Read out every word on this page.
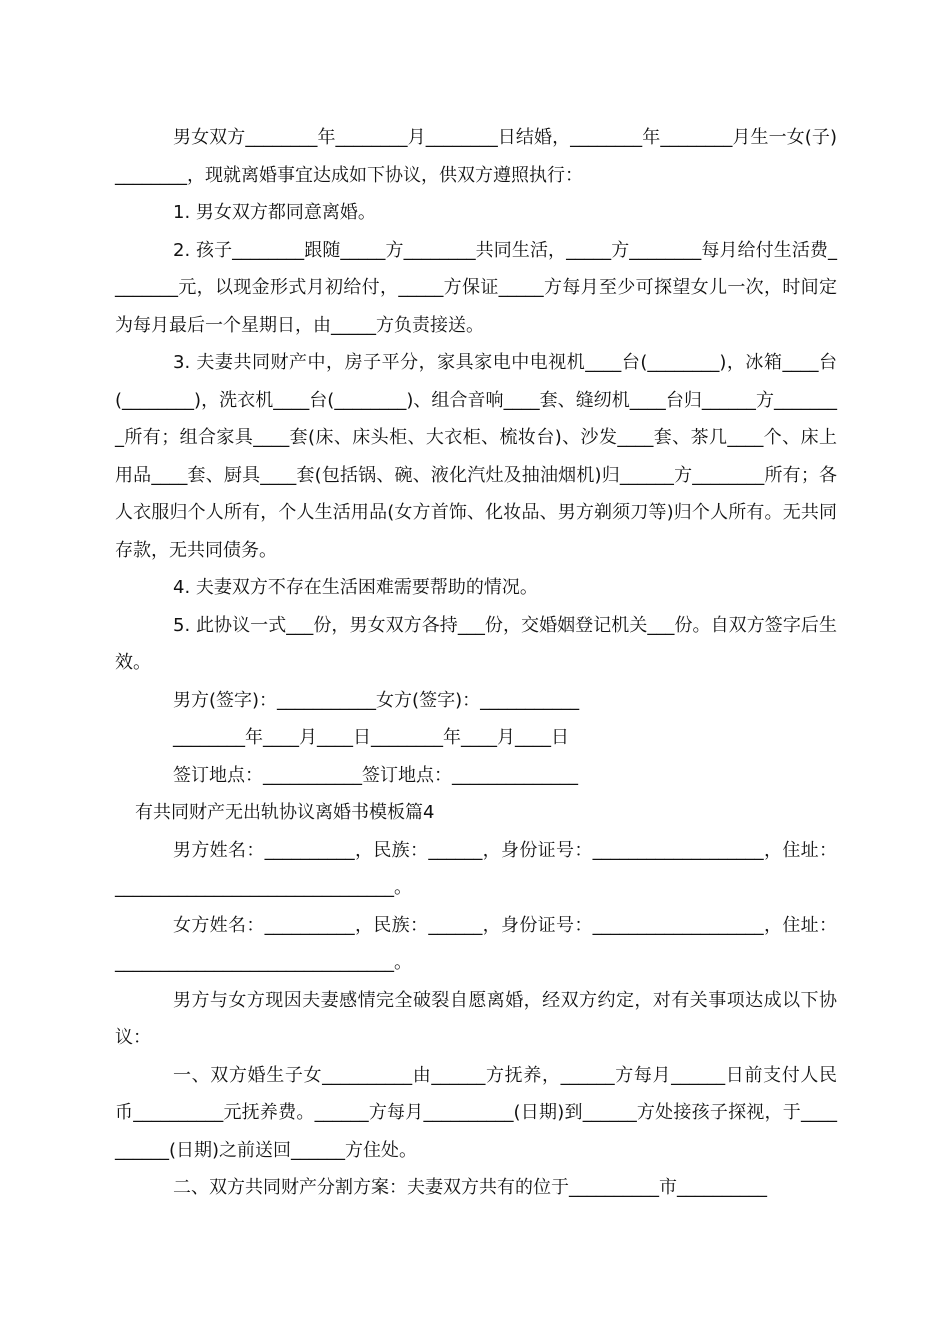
男女双方________年________月________日结婚，________年________月生一女(子)________，现就离婚事宜达成如下协议，供双方遵照执行：

1. 男女双方都同意离婚。

2. 孩子________跟随_____方________共同生活，_____方________每月给付生活费________元，以现金形式月初给付，_____方保证_____方每月至少可探望女儿一次，时间定为每月最后一个星期日，由_____方负责接送。

3. 夫妻共同财产中，房子平分，家具家电中电视机____台(________)，冰箱____台(________)，洗衣机____台(________)、组合音响____套、缝纫机____台归______方________所有；组合家具____套(床、床头柜、大衣柜、梳妆台)、沙发____套、茶几____个、床上用品____套、厨具____套(包括锅、碗、液化汽灶及抽油烟机)归______方________所有；各人衣服归个人所有，个人生活用品(女方首饰、化妆品、男方剃须刀等)归个人所有。无共同存款，无共同债务。

4. 夫妻双方不存在生活困难需要帮助的情况。

5. 此协议一式___份，男女双方各持___份，交婚姻登记机关___份。自双方签字后生效。

男方(签字)：___________女方(签字)：___________

________年____月____日________年____月____日

签订地点：___________签订地点：______________

有共同财产无出轨协议离婚书模板篇4

男方姓名：__________，民族：______，身份证号：___________________，住址：_______________________________。

女方姓名：__________，民族：______，身份证号：___________________，住址：_______________________________。

男方与女方现因夫妻感情完全破裂自愿离婚，经双方约定，对有关事项达成以下协议：

一、双方婚生子女__________由______方抚养，______方每月______日前支付人民币__________元抚养费。______方每月__________(日期)到______方处接孩子探视，于__________(日期)之前送回______方住处。

二、双方共同财产分割方案：夫妻双方共有的位于__________市__________
